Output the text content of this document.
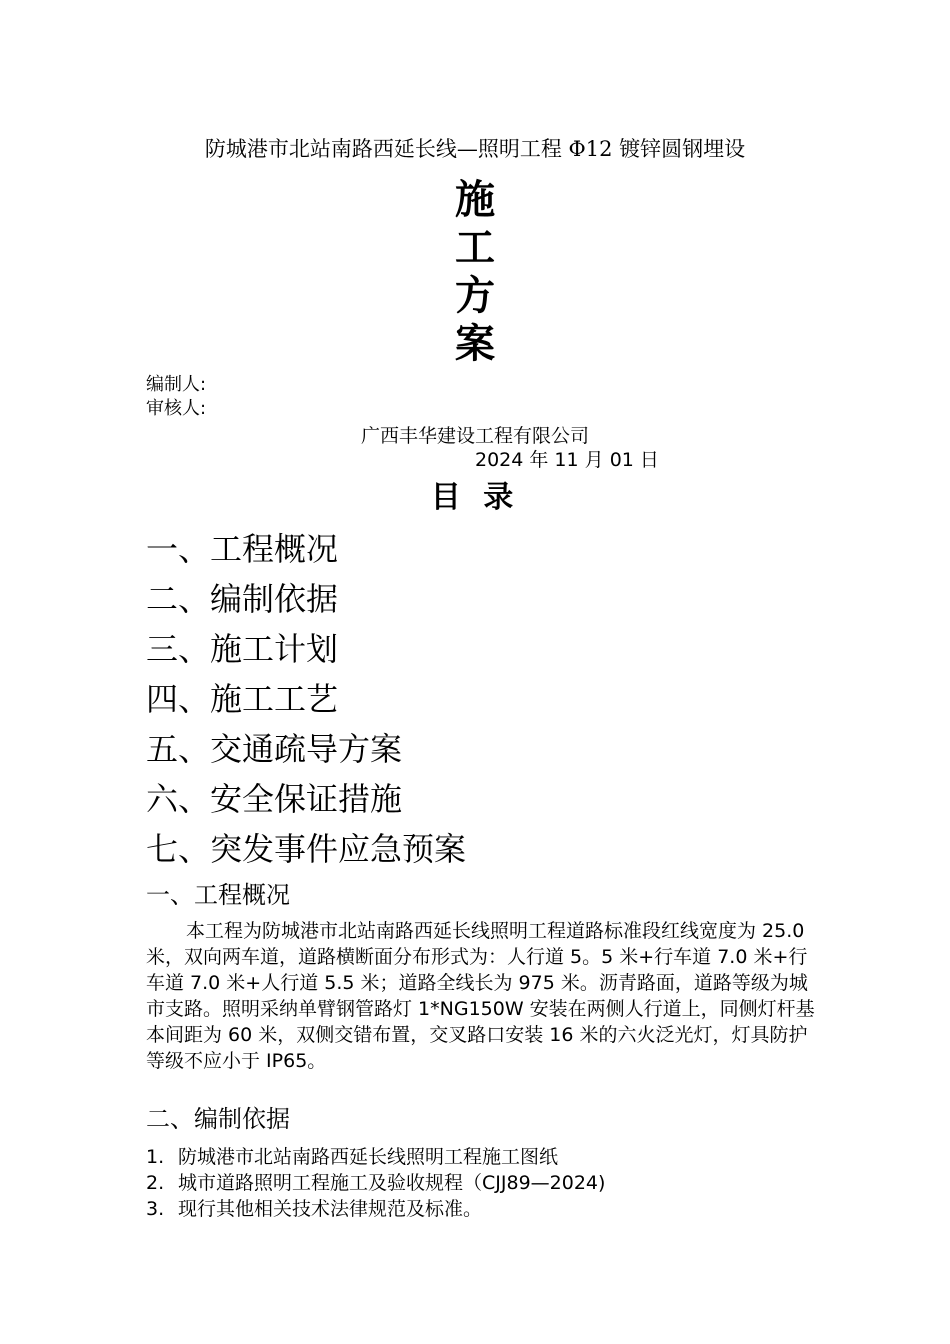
防城港市北站南路西延长线—照明工程 Φ12 镀锌圆钢埋设
施
工
方
案
编制人:
审核人:
广西丰华建设工程有限公司
2024 年 11 月 01 日
目 录
一、工程概况
二、编制依据
三、施工计划
四、施工工艺
五、交通疏导方案
六、安全保证措施
七、突发事件应急预案
一、工程概况
本工程为防城港市北站南路西延长线照明工程道路标准段红线宽度为 25.0 米，双向两车道，道路横断面分布形式为：人行道 5。5 米+行车道 7.0 米+行车道 7.0 米+人行道 5.5 米；道路全线长为 975 米。沥青路面，道路等级为城市支路。照明采纳单臂钢管路灯 1*NG150W 安装在两侧人行道上，同侧灯杆基本间距为 60 米，双侧交错布置，交叉路口安装 16 米的六火泛光灯，灯具防护等级不应小于 IP65。
二、编制依据
1. 防城港市北站南路西延长线照明工程施工图纸
2. 城市道路照明工程施工及验收规程（CJJ89—2024)
3. 现行其他相关技术法律规范及标准。
